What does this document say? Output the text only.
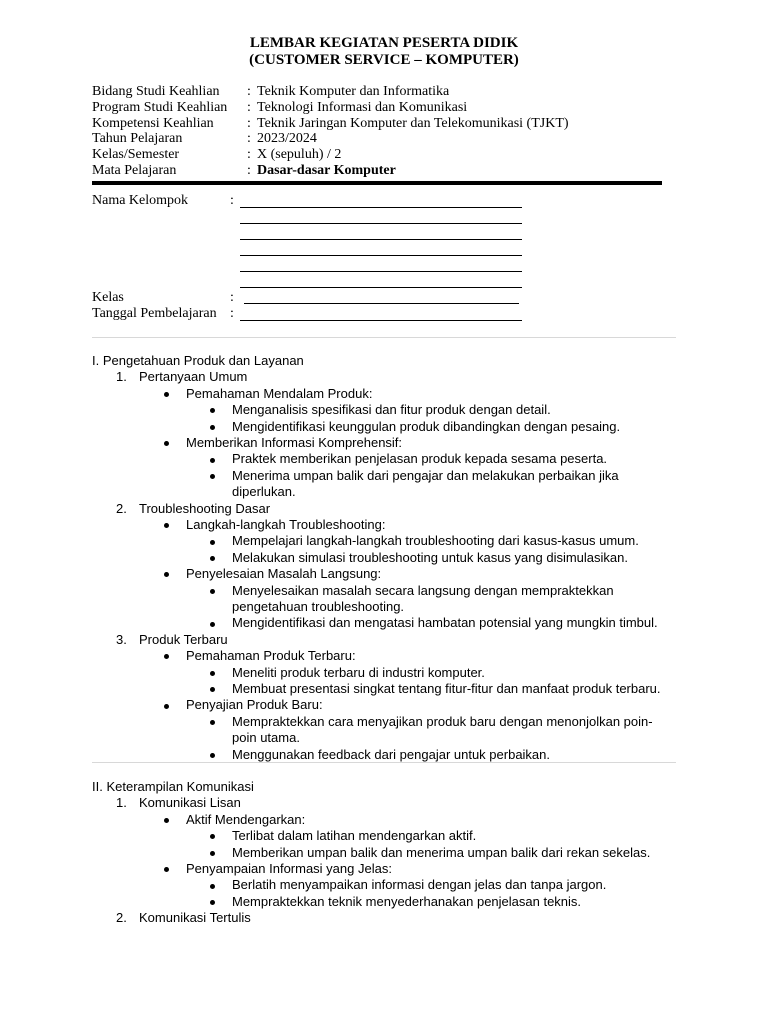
LEMBAR KEGIATAN PESERTA DIDIK
(CUSTOMER SERVICE – KOMPUTER)
Bidang Studi Keahlian	: Teknik Komputer dan Informatika
Program Studi Keahlian	: Teknologi Informasi dan Komunikasi
Kompetensi Keahlian	: Teknik Jaringan Komputer dan Telekomunikasi (TJKT)
Tahun Pelajaran	: 2023/2024
Kelas/Semester	: X (sepuluh) / 2
Mata Pelajaran	: Dasar-dasar Komputer
Nama Kelompok	:
Kelas	:
Tanggal Pembelajaran :
I. Pengetahuan Produk dan Layanan
1. Pertanyaan Umum
Pemahaman Mendalam Produk:
Menganalisis spesifikasi dan fitur produk dengan detail.
Mengidentifikasi keunggulan produk dibandingkan dengan pesaing.
Memberikan Informasi Komprehensif:
Praktek memberikan penjelasan produk kepada sesama peserta.
Menerima umpan balik dari pengajar dan melakukan perbaikan jika
diperlukan.
2. Troubleshooting Dasar
Langkah-langkah Troubleshooting:
Mempelajari langkah-langkah troubleshooting dari kasus-kasus umum.
Melakukan simulasi troubleshooting untuk kasus yang disimulasikan.
Penyelesaian Masalah Langsung:
Menyelesaikan masalah secara langsung dengan mempraktekkan
pengetahuan troubleshooting.
Mengidentifikasi dan mengatasi hambatan potensial yang mungkin timbul.
3. Produk Terbaru
Pemahaman Produk Terbaru:
Meneliti produk terbaru di industri komputer.
Membuat presentasi singkat tentang fitur-fitur dan manfaat produk terbaru.
Penyajian Produk Baru:
Mempraktekkan cara menyajikan produk baru dengan menonjolkan poin-
poin utama.
Menggunakan feedback dari pengajar untuk perbaikan.
II. Keterampilan Komunikasi
1. Komunikasi Lisan
Aktif Mendengarkan:
Terlibat dalam latihan mendengarkan aktif.
Memberikan umpan balik dan menerima umpan balik dari rekan sekelas.
Penyampaian Informasi yang Jelas:
Berlatih menyampaikan informasi dengan jelas dan tanpa jargon.
Mempraktekkan teknik menyederhanakan penjelasan teknis.
2. Komunikasi Tertulis
